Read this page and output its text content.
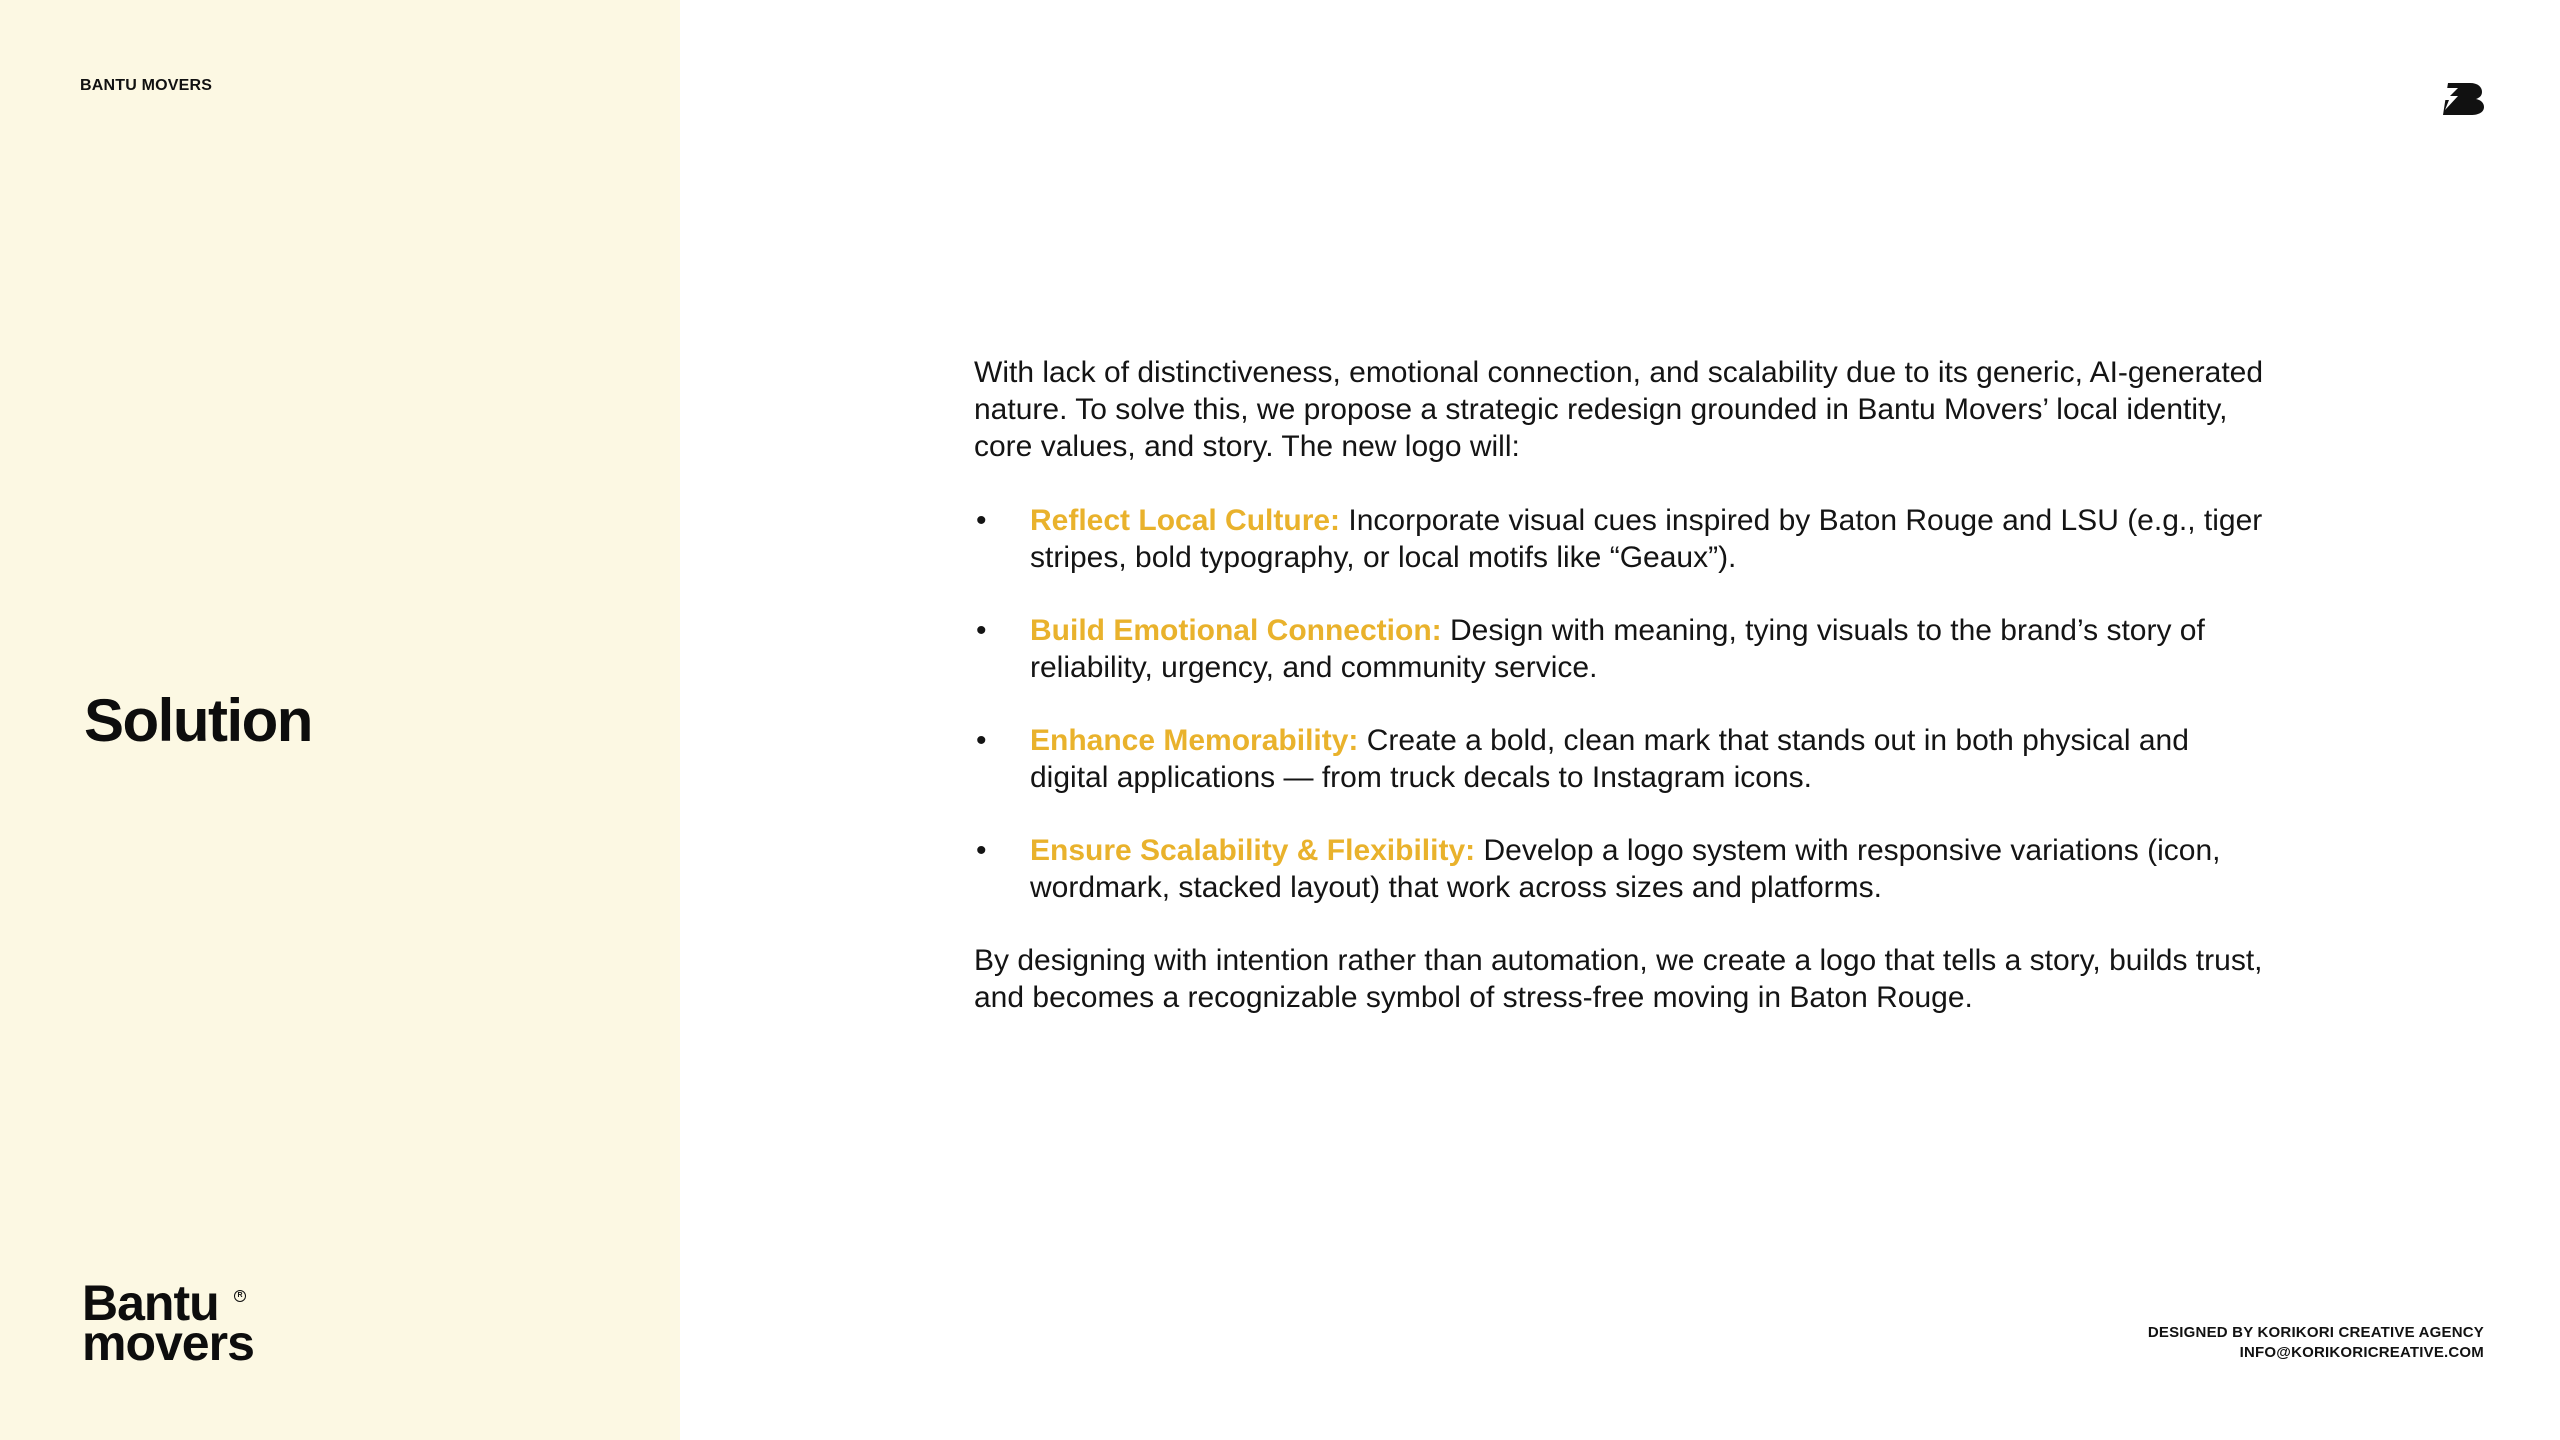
BANTU MOVERS
Solution
Bantu	R
movers

With lack of distinctiveness, emotional connection, and scalability due to its generic, AI-generated nature. To solve this, we propose a strategic redesign grounded in Bantu Movers’ local identity, core values, and story. The new logo will:

• Reflect Local Culture: Incorporate visual cues inspired by Baton Rouge and LSU (e.g., tiger stripes, bold typography, or local motifs like “Geaux”).
• Build Emotional Connection: Design with meaning, tying visuals to the brand’s story of reliability, urgency, and community service.
• Enhance Memorability: Create a bold, clean mark that stands out in both physical and digital applications — from truck decals to Instagram icons.
• Ensure Scalability & Flexibility: Develop a logo system with responsive variations (icon, wordmark, stacked layout) that work across sizes and platforms.

By designing with intention rather than automation, we create a logo that tells a story, builds trust, and becomes a recognizable symbol of stress-free moving in Baton Rouge.

DESIGNED BY KORIKORI CREATIVE AGENCY
INFO@KORIKORICREATIVE.COM
